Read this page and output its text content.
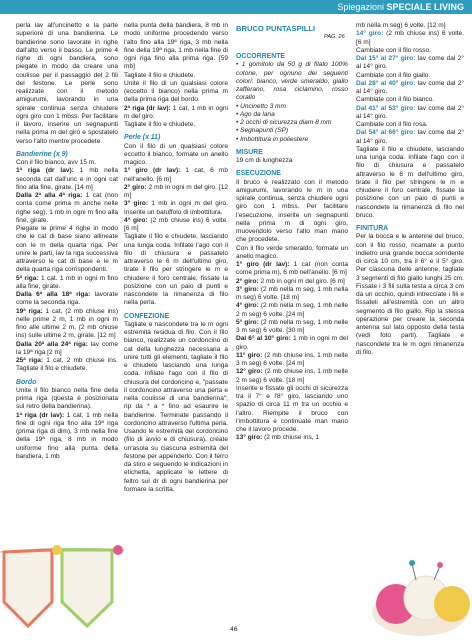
Spiegazioni SPECIALE LIVING

perla lav all'uncinetto e la parte superiore di una bandierina. Le bandierine sono lavorate in righe dall'alto verso il basso. Le prime 4 righe di ogni bandiera, sono piegate in modo da creare una coulisse per il passaggio del 2 fili del festone. Le perle sono realizzate con il metodo amigurumi, lavorando in una spirale continua senza chiudere ogni giro con 1 mbss. Per facilitare il lavoro, inserire un segnapunti nella prima m del giro e spostatelo verso l'alto mentre procedete.

Bandierine (x 9)

Con il filo bianco, avv 15 m.

1ª riga (dr lav): 1 mb nella seconda cat dall'unc e in ogni cat fino alla fine, girate. [14 m]

Dalla 2ª alla 4ª riga: 1 cat (non conta come prima m anche nelle righe seg), 1 mb in ogni m fino alla fine, girate.

Piegate le prime 4 righe in modo che le cat di base siano allineate con le m della quarta riga. Per unire le parti, lav la riga successiva attraverso le cat di base e le m della quarta riga corrispondenti.

5ª riga: 1 cat. 1 mb in ogni m fino alla fine, girate.

Dalla 6ª alla 18ª riga: lavorate come la seconda riga.

19ª riga: 1 cat, (2 mb chiuse ins) nelle prime 2 m, 1 mb in ogni m fino alle ultime 2 m, (2 mb chiuse ins) sulle ultime 2 m, girate. [12 m]

Dalla 20ª alla 24ª riga: lav come la 19ª riga [2 m]

25ª riga: 1 cat, 2 mb chiuse ins. Tagliate il filo e chiudete.

Bordo

Unite il filo bianco nella fine della prima riga (questa è posizionata sul retro della bandierina).

1ª riga (dr lav): 1 cat, 1 mb nella fine di ogni riga fino alla 19ª riga (prima riga di dim), 3 mb nella fine della 19ª riga, 8 mb in modo uniforme fino alla punta della bandiera, 1 mb

nella punta della bandiera, 8 mb in modo uniforme procedendo verso l'alto fino alla 19ª riga, 3 mb nella fine della 19ª riga, 1 mb nella fine di ogni riga fino alla prima riga. [59 mb]

Tagliate il filo e chiudete.

Unite il filo di un qualsiasi colore (eccetto il bianco) nella prima m della prima riga del bordo.

2ª riga (dr lav): 1 cat, 1 mb in ogni m del giro.

Tagliate il filo e chiudete.

Perle (x 11)

Con il filo di un qualsiasi colore eccetto il bianco, formate un anello magico.

1° giro (dr lav): 1 cat, 6 mb nell'anello. [6 m]

2° giro: 2 mb in ogni m del giro. [12 m]

3° giro: 1 mb in ogni m del giro. Inserite un batuffolo di imbottitura.

4° giro: (2 mb chiuse ins) 6 volte. [6 m]

Tagliate il filo e chiudete, lasciando una lunga coda. Infilate l'ago con il filo di chiusura e passatelo attraverso le 6 m dell'ultimo giro, tirate il filo per stringere le m e chiudere il foro centrale, fissate la posizione con un paio di punti e nascondete la rimanenza di filo nella perla.

CONFEZIONE

Tagliate e nascondete tra le m ogni estremità residua di filo. Con il filo bianco, realizzate un cordoncino di cat della lunghezza necessaria a unire tutti gli elementi, tagliate il filo e chiudete lasciando una lunga coda. Infilate l'ago con il filo di chiusura del cordoncino e, "passate il cordoncino attraverso una perla e nella coulisse di una bandierina"; rip da * a * fino ad esaurire le bandierine. Terminate passando il cordoncino attraverso l'ultima perla. Usando le estremità del cordoncino (filo di avvio e di chiusura), create un'asola su ciascuna estremità del festone per appenderlo. Con il ferro da stiro e seguendo le indicazioni in etichetta, applicate le lettere di feltro sul dr di ogni bandierina per formare la scritta.

BRUCO PUNTASPILLI
PAG. 26

OCCORRENTE

• 1 gomitolo da 50 g di filato 100% cotone, per ognuno dei seguenti colori: bianco, verde smeraldo, giallo zafferano, rosa ciclamino, rosso corallo

• Uncinetto 3 mm

• Ago da lana

• 2 occhi di sicurezza diam 8 mm

• Segnapunti (SP)

• Imbottitura in poliestere

MISURE

19 cm di lunghezza

ESECUZIONE

Il bruco è realizzato con il metodo amigurumi, lavorando le m in una spirale continua, senza chiudere ogni giro con 1 mbss. Per facilitare l'esecuzione, inserite un segnapunti nella prima m di ogni giro, muovendolo verso l'alto man mano che procedete.

Con il filo verde smeraldo, formate un anello magico.

1° giro (dr lav): 1 cat (non conta come prima m), 6 mb nell'anello. [6 m]

2° giro: 2 mb in ogni m del giro. [6 m]

3° giro: (2 mb nella m seg, 1 mb nella m seg) 6 volte. [18 m]

4° giro: (2 mb nella m seg, 1 mb nelle 2 m seg) 6 volte. [24 m]

5° giro: (2 mb nella m seg, 1 mb nelle 3 m seg) 6 volte. [30 m]

Dal 6° al 10° giro: 1 mb in ogni m del giro.

11° giro: (2 mb chiuse ins, 1 mb nelle 3 m seg) 6 volte. [24 m]

12° giro: (2 mb chiuse ins, 1 mb nelle 2 m seg) 6 volte. [18 m]

Inserite e fissate gli occhi di sicurezza tra il 7° e l'8° giro, lasciando uno spazio di circa 11 m tra un occhio e l'altro. Riempite il bruco con l'imbottitura e continuate man mano che il lavoro procede.

13° giro: (2 mb chiuse ins, 1

mb nella m seg) 6 volte. [12 m]

14° giro: (2 mb chiuse ins) 6 volte. [6 m]

Cambiate con il filo rosso.

Dal 15° al 27° giro: lav come dal 2° al 14° giro.

Cambiate con il filo giallo.

Dal 28° al 40° giro: lav come dal 2° al 14° giro.

Cambiate con il filo bianco.

Dal 41° al 53° giro: lav come dal 2° al 14° giro.

Cambiate con il filo rosa.

Dal 54° al 66° giro: lav come dal 2° al 14° giro.

Tagliate il filo e chiudete, lasciando una lunga coda. Infilate l'ago con il filo di chiusura e passatelo attraverso le 6 m dell'ultimo giro, tirate il filo per stringere le m e chiudere il foro centrale, fissate la posizione con un paio di punti e nascondete la rimanenza di filo nel bruco.

FINITURA

Per la bocca e le antenne del bruco, con il filo rosso, ricamate a punto indietro una grande bocca sorridente di circa 10 cm, tra il 6° e il 5° giro. Per ciascuna delle antenne, tagliate 3 segmenti di filo giallo lunghi 25 cm. Fissate i 3 fili sulla testa a circa 3 cm da un occhio, quindi intrecciate i fili e fissateli all'estremità con un altro segmento di filo giallo. Rip la stessa operazione per creare la seconda antenna sul lato opposto della testa (vedi foto parti). Tagliate e nascondete tra le m ogni rimanenza di filo.

46
